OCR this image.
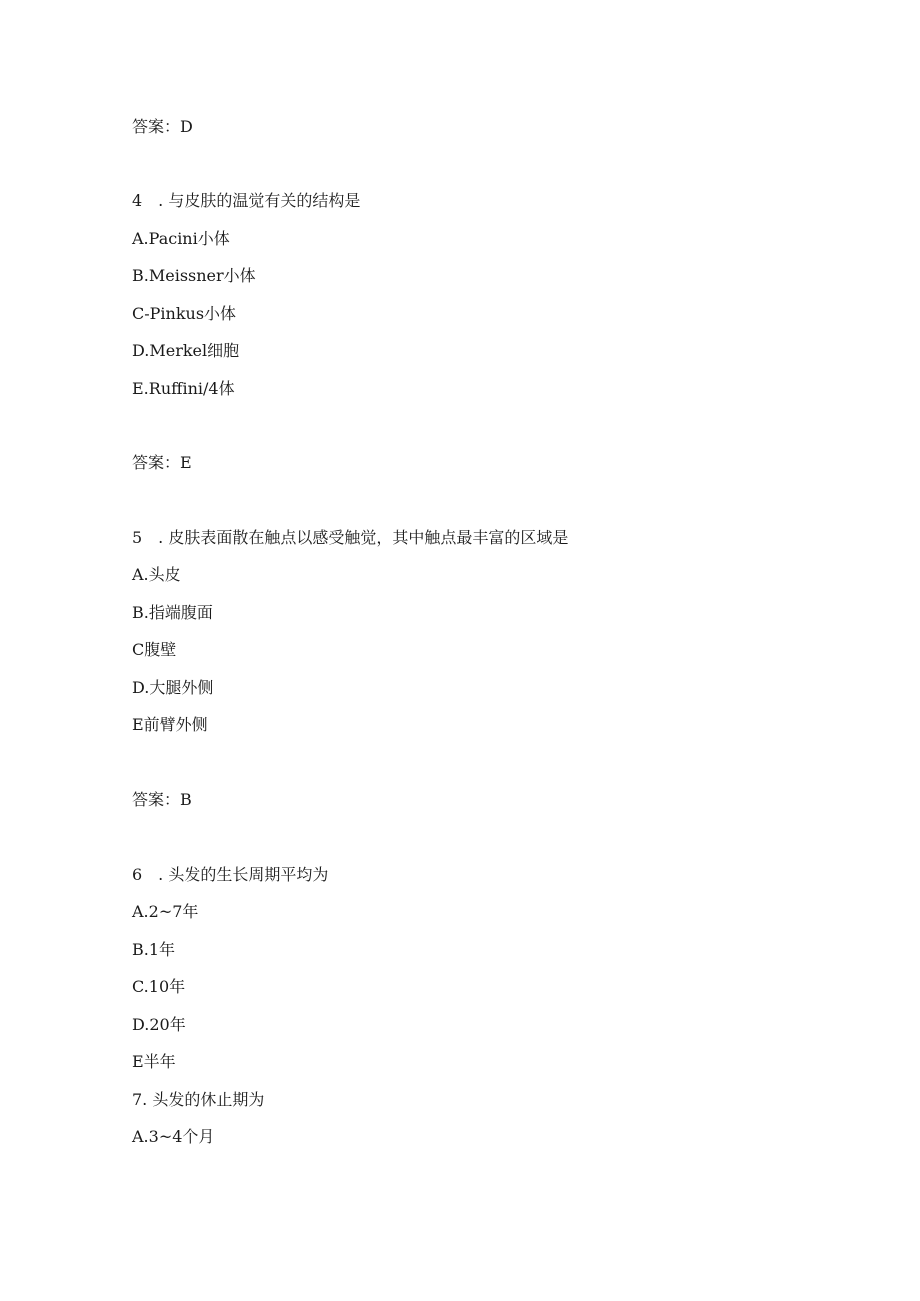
答案：D
4　. 与皮肤的温觉有关的结构是
A.Pacini小体
B.Meissner小体
C-Pinkus小体
D.Merkel细胞
E.Ruffini/4体
答案：E
5　. 皮肤表面散在触点以感受触觉，其中触点最丰富的区域是
A.头皮
B.指端腹面
C腹壁
D.大腿外侧
E前臂外侧
答案：B
6　. 头发的生长周期平均为
A.2~7年
B.1年
C.10年
D.20年
E半年
7. 头发的休止期为
A.3~4个月
